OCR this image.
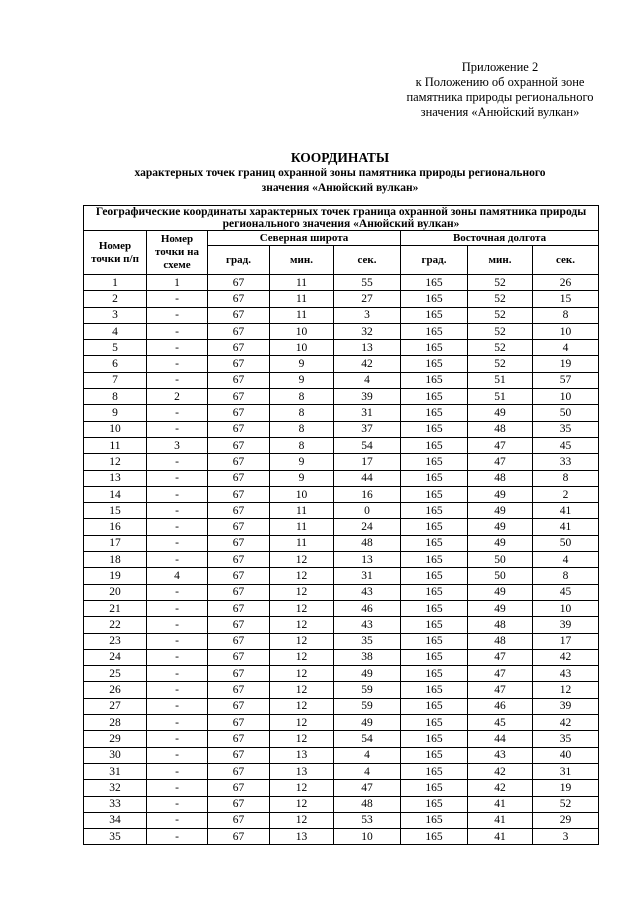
Приложение 2
к Положению об охранной зоне
памятника природы регионального
значения «Анюйский вулкан»
КООРДИНАТЫ
характерных точек границ охранной зоны памятника природы регионального
значения «Анюйский вулкан»
Географические координаты характерных точек граница охранной зоны памятника природы регионального значения «Анюйский вулкан»							
Номер точки п/п	Номер точки на схеме	Северная широта			Восточная долгота		
		град.	мин.	сек.	град.	мин.	сек.
1	1	67	11	55	165	52	26
2	-	67	11	27	165	52	15
3	-	67	11	3	165	52	8
4	-	67	10	32	165	52	10
5	-	67	10	13	165	52	4
6	-	67	9	42	165	52	19
7	-	67	9	4	165	51	57
8	2	67	8	39	165	51	10
9	-	67	8	31	165	49	50
10	-	67	8	37	165	48	35
11	3	67	8	54	165	47	45
12	-	67	9	17	165	47	33
13	-	67	9	44	165	48	8
14	-	67	10	16	165	49	2
15	-	67	11	0	165	49	41
16	-	67	11	24	165	49	41
17	-	67	11	48	165	49	50
18	-	67	12	13	165	50	4
19	4	67	12	31	165	50	8
20	-	67	12	43	165	49	45
21	-	67	12	46	165	49	10
22	-	67	12	43	165	48	39
23	-	67	12	35	165	48	17
24	-	67	12	38	165	47	42
25	-	67	12	49	165	47	43
26	-	67	12	59	165	47	12
27	-	67	12	59	165	46	39
28	-	67	12	49	165	45	42
29	-	67	12	54	165	44	35
30	-	67	13	4	165	43	40
31	-	67	13	4	165	42	31
32	-	67	12	47	165	42	19
33	-	67	12	48	165	41	52
34	-	67	12	53	165	41	29
35	-	67	13	10	165	41	3
